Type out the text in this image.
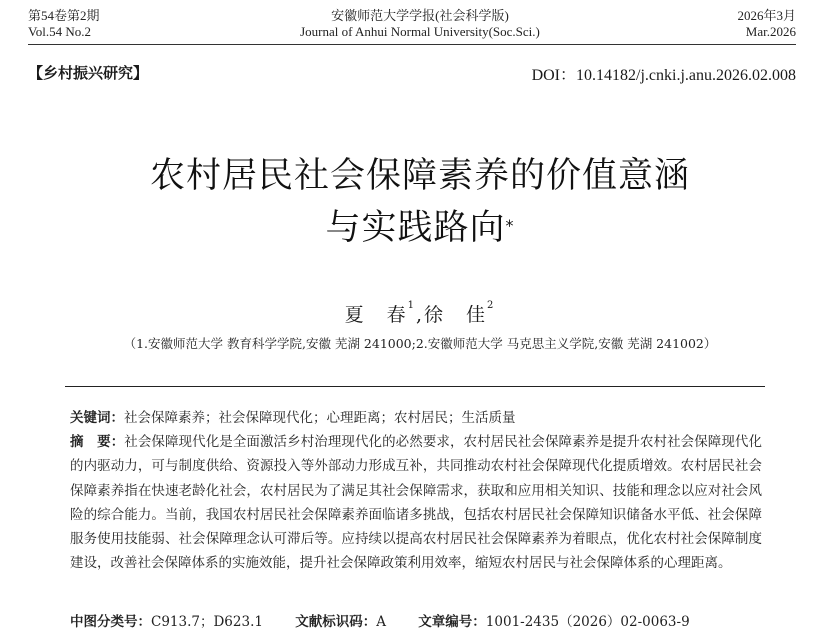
第54卷第2期
Vol.54 No.2
安徽师范大学学报(社会科学版)
Journal of Anhui Normal University(Soc.Sci.)
2026年3月
Mar.2026
【乡村振兴研究】	DOI：10.14182/j.cnki.j.anu.2026.02.008
农村居民社会保障素养的价值意涵
与实践路向*
夏　春$^1$,徐　佳$^2$
（1.安徽师范大学 教育科学学院,安徽 芜湖 241000;2.安徽师范大学 马克思主义学院,安徽 芜湖 241002）
关键词：社会保障素养；社会保障现代化；心理距离；农村居民；生活质量
摘　要：社会保障现代化是全面激活乡村治理现代化的必然要求，农村居民社会保障素养是提升农村社会保障现代化的内驱动力，可与制度供给、资源投入等外部动力形成互补，共同推动农村社会保障现代化提质增效。农村居民社会保障素养指在快速老龄化社会，农村居民为了满足其社会保障需求，获取和应用相关知识、技能和理念以应对社会风险的综合能力。当前，我国农村居民社会保障素养面临诸多挑战，包括农村居民社会保障知识储备水平低、社会保障服务使用技能弱、社会保障理念认可滞后等。应持续以提高农村居民社会保障素养为着眼点，优化农村社会保障制度建设，改善社会保障体系的实施效能，提升社会保障政策利用效率，缩短农村居民与社会保障体系的心理距离。
中图分类号：C913.7；D623.1 文献标识码：A 文章编号：1001-2435（2026）02-0063-9
